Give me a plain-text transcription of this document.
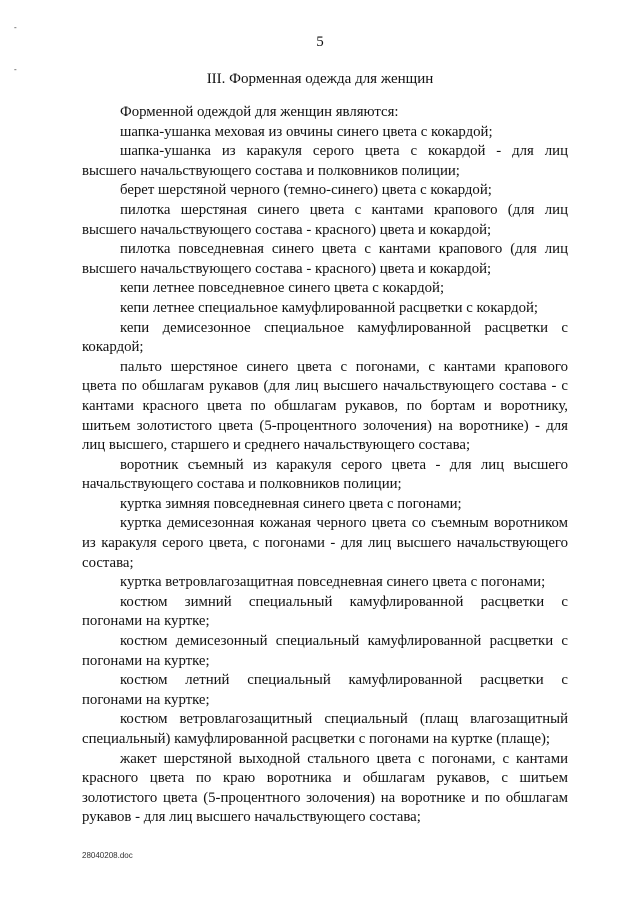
-
-
5
III. Форменная одежда для женщин
Форменной одеждой для женщин являются:
шапка-ушанка меховая из овчины синего цвета с кокардой;
шапка-ушанка из каракуля серого цвета с кокардой - для лиц
высшего начальствующего состава и полковников полиции;
берет шерстяной черного (темно-синего) цвета с кокардой;
пилотка шерстяная синего цвета с кантами крапового (для лиц
высшего начальствующего состава - красного) цвета и кокардой;
пилотка повседневная синего цвета с кантами крапового (для лиц
высшего начальствующего состава - красного) цвета и кокардой;
кепи летнее повседневное синего цвета с кокардой;
кепи летнее специальное камуфлированной расцветки с кокардой;
кепи демисезонное специальное камуфлированной расцветки с
кокардой;
пальто шерстяное синего цвета с погонами, с кантами крапового
цвета по обшлагам рукавов (для лиц высшего начальствующего состава - с
кантами красного цвета по обшлагам рукавов, по бортам и воротнику,
шитьем золотистого цвета (5-процентного золочения) на воротнике) - для
лиц высшего, старшего и среднего начальствующего состава;
воротник съемный из каракуля серого цвета - для лиц высшего
начальствующего состава и полковников полиции;
куртка зимняя повседневная синего цвета с погонами;
куртка демисезонная кожаная черного цвета со съемным воротником
из каракуля серого цвета, с погонами - для лиц высшего начальствующего
состава;
куртка ветровлагозащитная повседневная синего цвета с погонами;
костюм зимний специальный камуфлированной расцветки с
погонами на куртке;
костюм демисезонный специальный камуфлированной расцветки с
погонами на куртке;
костюм летний специальный камуфлированной расцветки с
погонами на куртке;
костюм ветровлагозащитный специальный (плащ влагозащитный
специальный) камуфлированной расцветки с погонами на куртке (плаще);
жакет шерстяной выходной стального цвета с погонами, с кантами
красного цвета по краю воротника и обшлагам рукавов, с шитьем
золотистого цвета (5-процентного золочения) на воротнике и по обшлагам
рукавов - для лиц высшего начальствующего состава;
28040208.doc
